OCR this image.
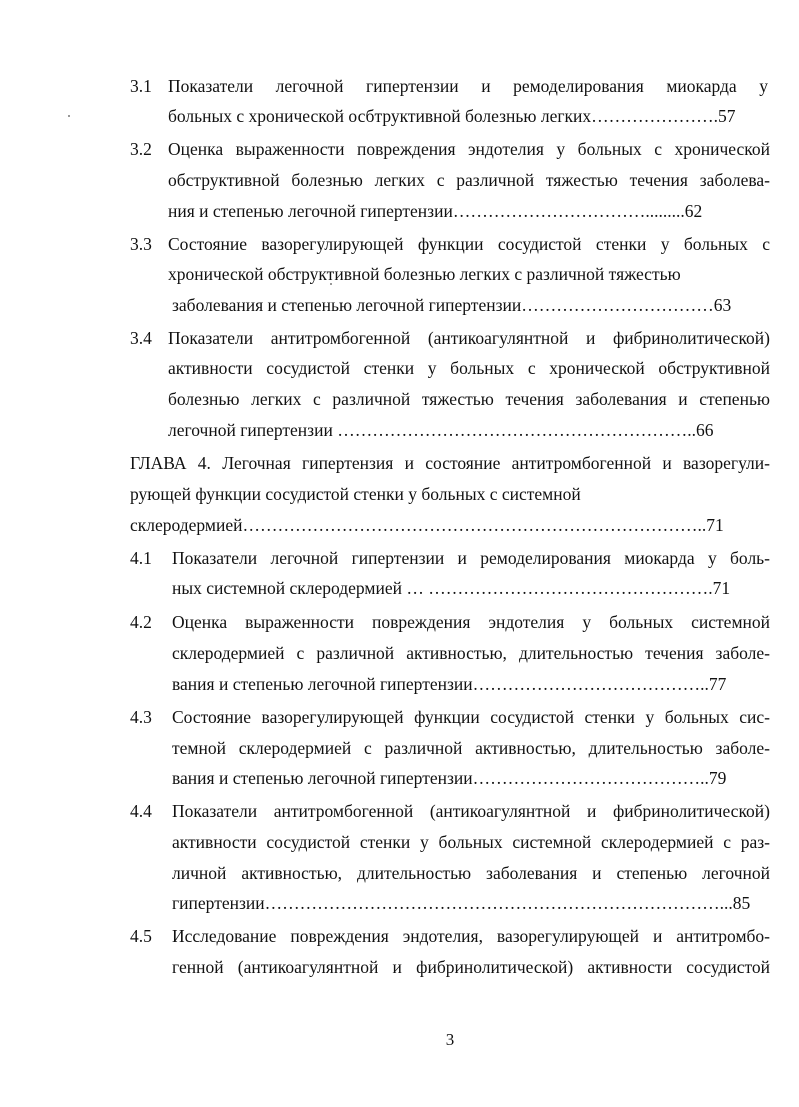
3.1 Показатели легочной гипертензии и ремоделирования миокарда у
больных с хронической осбтруктивной болезнью легких………………….57
3.2 Оценка выраженности повреждения эндотелия у больных с хронической
обструктивной болезнью легких с различной тяжестью течения заболева-
ния и степенью легочной гипертензии…………………………….........62
3.3 Состояние вазорегулирующей функции сосудистой стенки у больных с
хронической обструктивной болезнью легких с различной тяжестью
заболевания и степенью легочной гипертензии……………………………63
3.4 Показатели антитромбогенной (антикоагулянтной и фибринолитической)
активности сосудистой стенки у больных с хронической обструктивной
болезнью легких с различной тяжестью течения заболевания и степенью
легочной гипертензии ……………………………………………………..66
ГЛАВА 4. Легочная гипертензия и состояние антитромбогенной и вазорегули-
рующей функции сосудистой стенки у больных с системной
склеродермией……………………………………………………………………..71
4.1 Показатели легочной гипертензии и ремоделирования миокарда у боль-
ных системной склеродермией … ………………………………………….71
4.2 Оценка выраженности повреждения эндотелия у больных системной
склеродермией с различной активностью, длительностью течения заболе-
вания и степенью легочной гипертензии…………………………………..77
4.3 Состояние вазорегулирующей функции сосудистой стенки у больных сис-
темной склеродермией с различной активностью, длительностью заболе-
вания и степенью легочной гипертензии…………………………………..79
4.4 Показатели антитромбогенной (антикоагулянтной и фибринолитической)
активности сосудистой стенки у больных системной склеродермией с раз-
личной активностью, длительностью заболевания и степенью легочной
гипертензии……………………………………………………………………...85
4.5 Исследование повреждения эндотелия, вазорегулирующей и антитромбо-
генной (антикоагулянтной и фибринолитической) активности сосудистой
3
